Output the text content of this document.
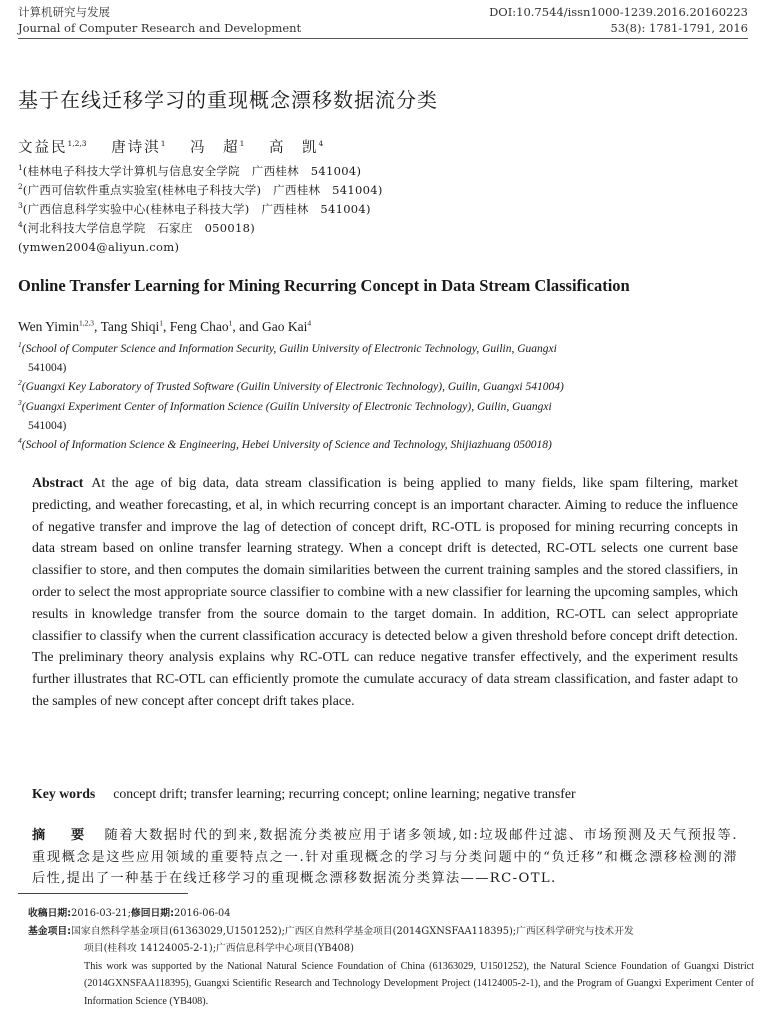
计算机研究与发展	DOI:10.7544/issn1000-1239.2016.20160223
Journal of Computer Research and Development	53(8): 1781-1791, 2016
基于在线迁移学习的重现概念漂移数据流分类
文益民$^{1,2,3}$ 唐诗淇$^1$ 冯　超$^1$ 高　凯$^4$
$^1$(桂林电子科技大学计算机与信息安全学院　广西桂林　541004)
$^2$(广西可信软件重点实验室(桂林电子科技大学)　广西桂林　541004)
$^3$(广西信息科学实验中心(桂林电子科技大学)　广西桂林　541004)
$^4$(河北科技大学信息学院　石家庄　050018)
(ymwen2004@aliyun.com)
Online Transfer Learning for Mining Recurring Concept in Data Stream Classification
Wen Yimin$^{1,2,3}$, Tang Shiqi$^1$, Feng Chao$^1$, and Gao Kai$^4$
$^1$(School of Computer Science and Information Security, Guilin University of Electronic Technology, Guilin, Guangxi
541004)
$^2$(Guangxi Key Laboratory of Trusted Software (Guilin University of Electronic Technology), Guilin, Guangxi 541004)
$^3$(Guangxi Experiment Center of Information Science (Guilin University of Electronic Technology), Guilin, Guangxi
541004)
$^4$(School of Information Science & Engineering, Hebei University of Science and Technology, Shijiazhuang 050018)
Abstract At the age of big data, data stream classification is being applied to many fields, like spam filtering, market predicting, and weather forecasting, et al, in which recurring concept is an important character. Aiming to reduce the influence of negative transfer and improve the lag of detection of concept drift, RC-OTL is proposed for mining recurring concepts in data stream based on online transfer learning strategy. When a concept drift is detected, RC-OTL selects one current base classifier to store, and then computes the domain similarities between the current training samples and the stored classifiers, in order to select the most appropriate source classifier to combine with a new classifier for learning the upcoming samples, which results in knowledge transfer from the source domain to the target domain. In addition, RC-OTL can select appropriate classifier to classify when the current classification accuracy is detected below a given threshold before concept drift detection. The preliminary theory analysis explains why RC-OTL can reduce negative transfer effectively, and the experiment results further illustrates that RC-OTL can efficiently promote the cumulate accuracy of data stream classification, and faster adapt to the samples of new concept after concept drift takes place.
Key words concept drift; transfer learning; recurring concept; online learning; negative transfer
摘　要 随着大数据时代的到来,数据流分类被应用于诸多领域,如:垃圾邮件过滤、市场预测及天气预报等.重现概念是这些应用领域的重要特点之一.针对重现概念的学习与分类问题中的“负迁移”和概念漂移检测的滞后性,提出了一种基于在线迁移学习的重现概念漂移数据流分类算法——RC-OTL.
收稿日期:2016-03-21;修回日期:2016-06-04
基金项目:国家自然科学基金项目(61363029,U1501252);广西区自然科学基金项目(2014GXNSFAA118395);广西区科学研究与技术开发
项目(桂科攻 14124005-2-1);广西信息科学中心项目(YB408)
This work was supported by the National Natural Science Foundation of China (61363029, U1501252), the Natural Science Foundation of Guangxi District (2014GXNSFAA118395), Guangxi Scientific Research and Technology Development Project (14124005-2-1), and the Program of Guangxi Experiment Center of Information Science (YB408).
